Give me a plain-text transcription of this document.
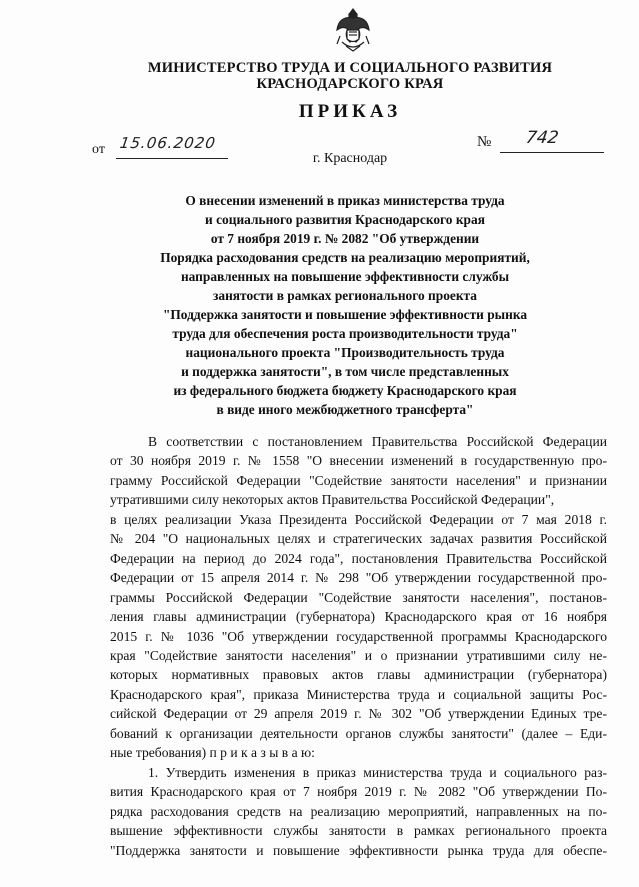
МИНИСТЕРСТВО ТРУДА И СОЦИАЛЬНОГО РАЗВИТИЯ
КРАСНОДАРСКОГО КРАЯ
ПРИКАЗ
от 15.06.2020	№ 742
г. Краснодар
О внесении изменений в приказ министерства труда
и социального развития Краснодарского края
от 7 ноября 2019 г. № 2082 "Об утверждении
Порядка расходования средств на реализацию мероприятий,
направленных на повышение эффективности службы
занятости в рамках регионального проекта
"Поддержка занятости и повышение эффективности рынка
труда для обеспечения роста производительности труда"
национального проекта "Производительность труда
и поддержка занятости", в том числе представленных
из федерального бюджета бюджету Краснодарского края
в виде иного межбюджетного трансферта"
В соответствии с постановлением Правительства Российской Федерации
от 30 ноября 2019 г. № 1558 "О внесении изменений в государственную про-
грамму Российской Федерации "Содействие занятости населения" и признании
утратившими силу некоторых актов Правительства Российской Федерации",
в целях реализации Указа Президента Российской Федерации от 7 мая 2018 г.
№ 204 "О национальных целях и стратегических задачах развития Российской
Федерации на период до 2024 года", постановления Правительства Российской
Федерации от 15 апреля 2014 г. № 298 "Об утверждении государственной про-
граммы Российской Федерации "Содействие занятости населения", постанов-
ления главы администрации (губернатора) Краснодарского края от 16 ноября
2015 г. № 1036 "Об утверждении государственной программы Краснодарского
края "Содействие занятости населения" и о признании утратившими силу не-
которых нормативных правовых актов главы администрации (губернатора)
Краснодарского края", приказа Министерства труда и социальной защиты Рос-
сийской Федерации от 29 апреля 2019 г. № 302 "Об утверждении Единых тре-
бований к организации деятельности органов службы занятости" (далее – Еди-
ные требования) п р и к а з ы в а ю:
1. Утвердить изменения в приказ министерства труда и социального раз-
вития Краснодарского края от 7 ноября 2019 г. № 2082 "Об утверждении По-
рядка расходования средств на реализацию мероприятий, направленных на по-
вышение эффективности службы занятости в рамках регионального проекта
"Поддержка занятости и повышение эффективности рынка труда для обеспе-
